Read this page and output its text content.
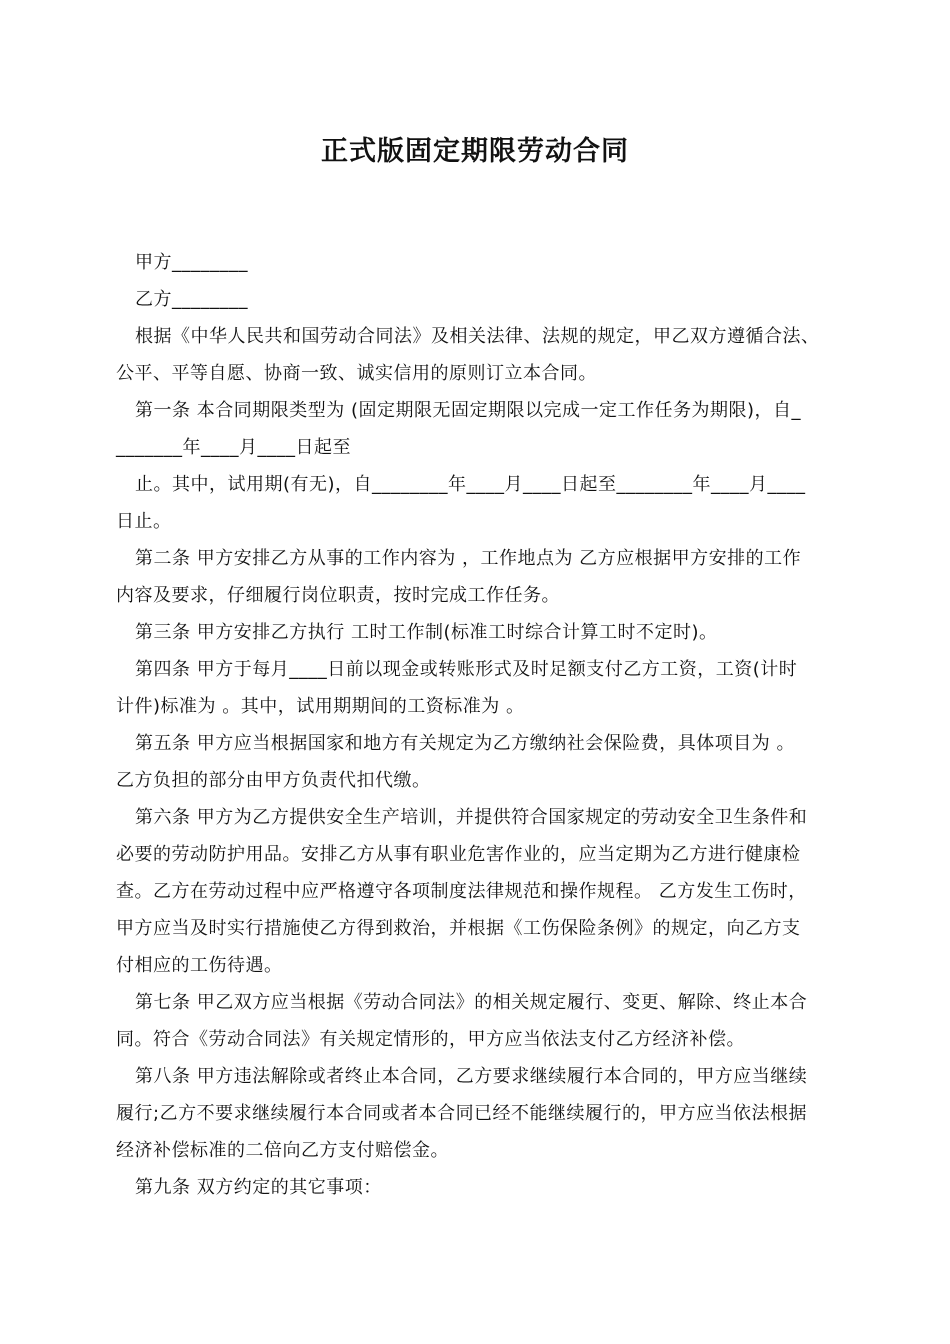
正式版固定期限劳动合同
甲方________
乙方________
根据《中华人民共和国劳动合同法》及相关法律、法规的规定，甲乙双方遵循合法、
公平、平等自愿、协商一致、诚实信用的原则订立本合同。
第一条 本合同期限类型为 (固定期限无固定期限以完成一定工作任务为期限)，自_
_______年____月____日起至
止。其中，试用期(有无)，自________年____月____日起至________年____月____
日止。
第二条 甲方安排乙方从事的工作内容为 ，工作地点为 乙方应根据甲方安排的工作
内容及要求，仔细履行岗位职责，按时完成工作任务。
第三条 甲方安排乙方执行 工时工作制(标准工时综合计算工时不定时)。
第四条 甲方于每月____日前以现金或转账形式及时足额支付乙方工资，工资(计时
计件)标准为 。其中，试用期期间的工资标准为 。
第五条 甲方应当根据国家和地方有关规定为乙方缴纳社会保险费，具体项目为 。
乙方负担的部分由甲方负责代扣代缴。
第六条 甲方为乙方提供安全生产培训，并提供符合国家规定的劳动安全卫生条件和
必要的劳动防护用品。安排乙方从事有职业危害作业的，应当定期为乙方进行健康检
查。乙方在劳动过程中应严格遵守各项制度法律规范和操作规程。 乙方发生工伤时，
甲方应当及时实行措施使乙方得到救治，并根据《工伤保险条例》的规定，向乙方支
付相应的工伤待遇。
第七条 甲乙双方应当根据《劳动合同法》的相关规定履行、变更、解除、终止本合
同。符合《劳动合同法》有关规定情形的，甲方应当依法支付乙方经济补偿。
第八条 甲方违法解除或者终止本合同，乙方要求继续履行本合同的，甲方应当继续
履行;乙方不要求继续履行本合同或者本合同已经不能继续履行的，甲方应当依法根据
经济补偿标准的二倍向乙方支付赔偿金。
第九条 双方约定的其它事项：
